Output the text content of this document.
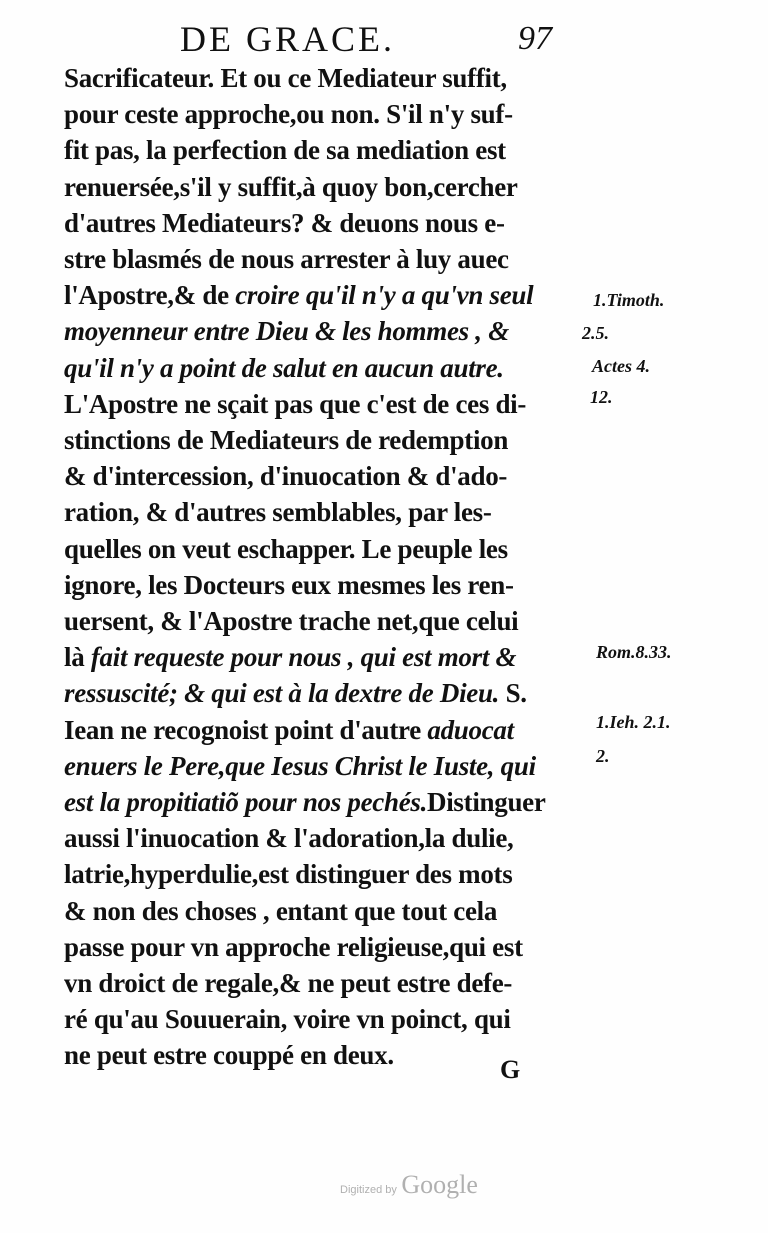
DE GRACE.	97
Sacrificateur. Et ou ce Mediateur suffit,
pour ceste approche,ou non. S'il n'y suf-
fit pas, la perfection de sa mediation est
renuersée,s'il y suffit,à quoy bon,cercher
d'autres Mediateurs? & deuons nous e-
stre blasmés de nous arrester à luy auec
l'Apostre,& de croire qu'il n'y a qu'vn seul
moyenneur entre Dieu & les hommes , &
qu'il n'y a point de salut en aucun autre.
L'Apostre ne sçait pas que c'est de ces di-
stinctions de Mediateurs de redemption
& d'intercession, d'inuocation & d'ado-
ration, & d'autres semblables, par les-
quelles on veut eschapper. Le peuple les
ignore, les Docteurs eux mesmes les ren-
uersent, & l'Apostre trache net,que celui
là fait requeste pour nous , qui est mort &
ressuscité; & qui est à la dextre de Dieu. S.
Iean ne recognoist point d'autre aduocat
enuers le Pere,que Iesus Christ le Iuste, qui
est la propitiatiõ pour nos pechés.Distinguer
aussi l'inuocation & l'adoration,la dulie,
latrie,hyperdulie,est distinguer des mots
& non des choses , entant que tout cela
passe pour vn approche religieuse,qui est
vn droict de regale,& ne peut estre defe-
ré qu'au Souuerain, voire vn poinct, qui
ne peut estre couppé en deux.
1.Timoth.
2.5.
Actes 4.
12.
Rom.8.33.
1.Ieh. 2.1.
2.
G
Digitized by Google
